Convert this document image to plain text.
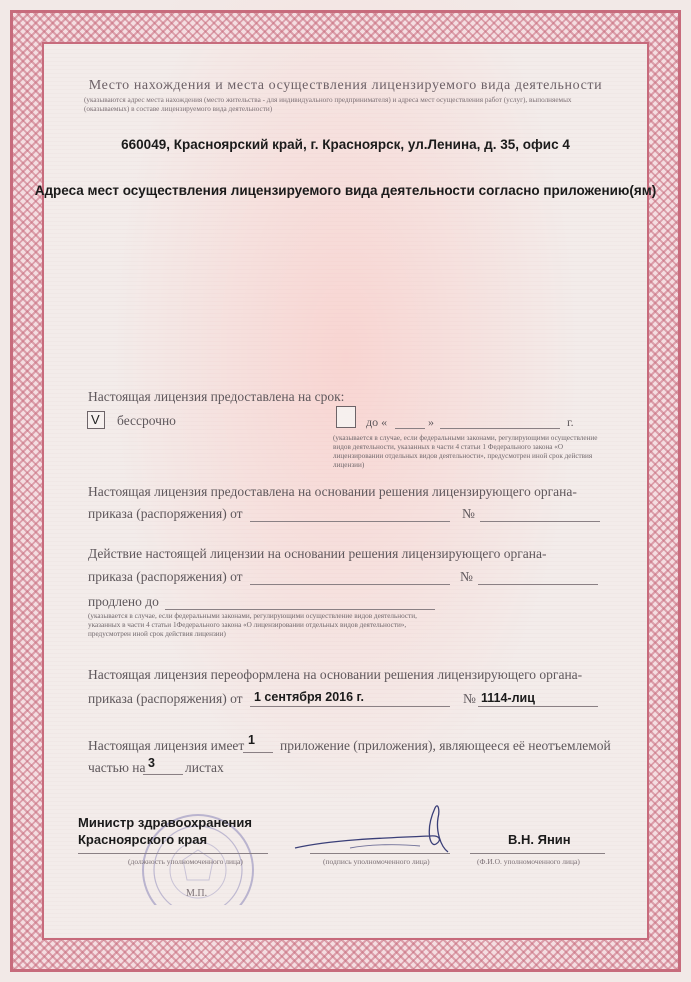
Место нахождения и места осуществления лицензируемого вида деятельности
(указываются адрес места нахождения (место жительства - для индивидуального предпринимателя) и адреса мест осуществления работ (услуг), выполняемых (оказываемых) в составе лицензируемого вида деятельности)
660049, Красноярский край, г. Красноярск, ул.Ленина, д. 35, офис 4
Адреса мест осуществления лицензируемого вида деятельности согласно приложению(ям)
Настоящая лицензия предоставлена на срок:
V	бессрочно	до «	»	г.
(указывается в случае, если федеральными законами, регулирующими осуществление видов деятельности, указанных в части 4 статьи 1 Федерального закона «О лицензировании отдельных видов деятельности», предусмотрен иной срок действия лицензии)
Настоящая лицензия предоставлена на основании решения лицензирующего органа-
приказа (распоряжения) от	№
Действие настоящей лицензии на основании решения лицензирующего органа-
приказа (распоряжения) от	№
продлено до
(указывается в случае, если федеральными законами, регулирующими осуществление видов деятельности, указанных в части 4 статьи 1Федерального закона «О лицензировании отдельных видов деятельности», предусмотрен иной срок действия лицензии)
Настоящая лицензия переоформлена на основании решения лицензирующего органа-
приказа (распоряжения) от 1 сентября 2016 г.	№ 1114-лиц
Настоящая лицензия имеет 1 приложение (приложения), являющееся её неотъемлемой
частью на 3 листах
Министр здравоохранения
Красноярского края	В.Н. Янин
(должность уполномоченного лица)	(подпись уполномоченного лица)	(Ф.И.О. уполномоченного лица)
М.П.
